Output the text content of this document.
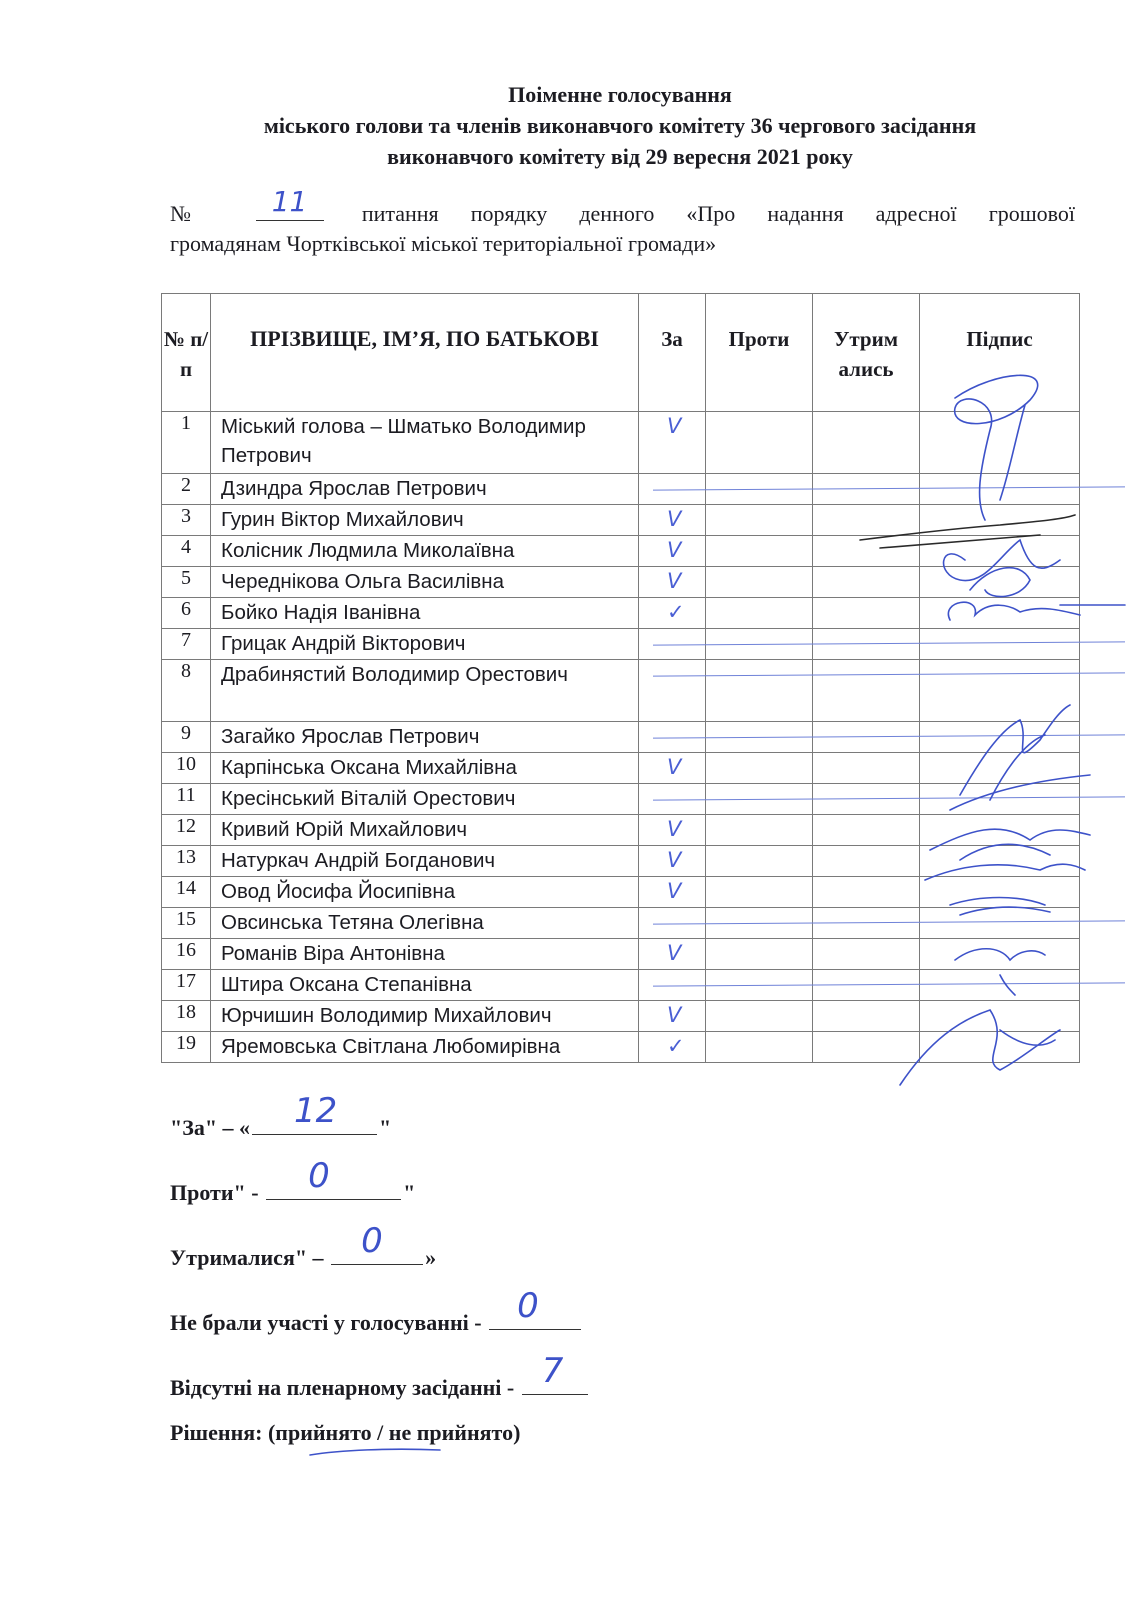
Поіменне голосування
міського голови та членів виконавчого комітету 36 чергового засідання
виконавчого комітету від 29 вересня 2021 року
№ 11 питання порядку денного «Про надання адресної грошової
громадянам Чортківської міської територіальної громади»
№ п/ п	ПРІЗВИЩЕ, ІМ’Я, ПО БАТЬКОВІ	За	Проти	Утрим ались	Підпис
1	Міський голова – Шматько Володимир Петрович	V			

2	Дзиндра Ярослав Петрович	

3	Гурин Віктор Михайлович	V			

4	Колісник Людмила Миколаївна	V			

5	Череднікова Ольга Василівна	V			

6	Бойко Надія Іванівна	✓			

7	Грицак Андрій Вікторович	

8	Драбинястий Володимир Орестович	

9	Загайко Ярослав Петрович	

10	Карпінська Оксана Михайлівна	V			

11	Кресінський Віталій Орестович	

12	Кривий Юрій Михайлович	V			

13	Натуркач Андрій Богданович	V			

14	Овод Йосифа Йосипівна	V			

15	Овсинська Тетяна Олегівна	

16	Романів Віра Антонівна	V			

17	Штира Оксана Степанівна	

18	Юрчишин Володимир Михайлович	V			

19	Яремовська Світлана Любомирівна	✓			

"За" – « 12 "
Проти" - 0	"
Утрималися" – 0 »
Не брали участі у голосуванні - 0
Відсутні на пленарному засіданні - 7
Рішення: (прийнято / не прийнято)
